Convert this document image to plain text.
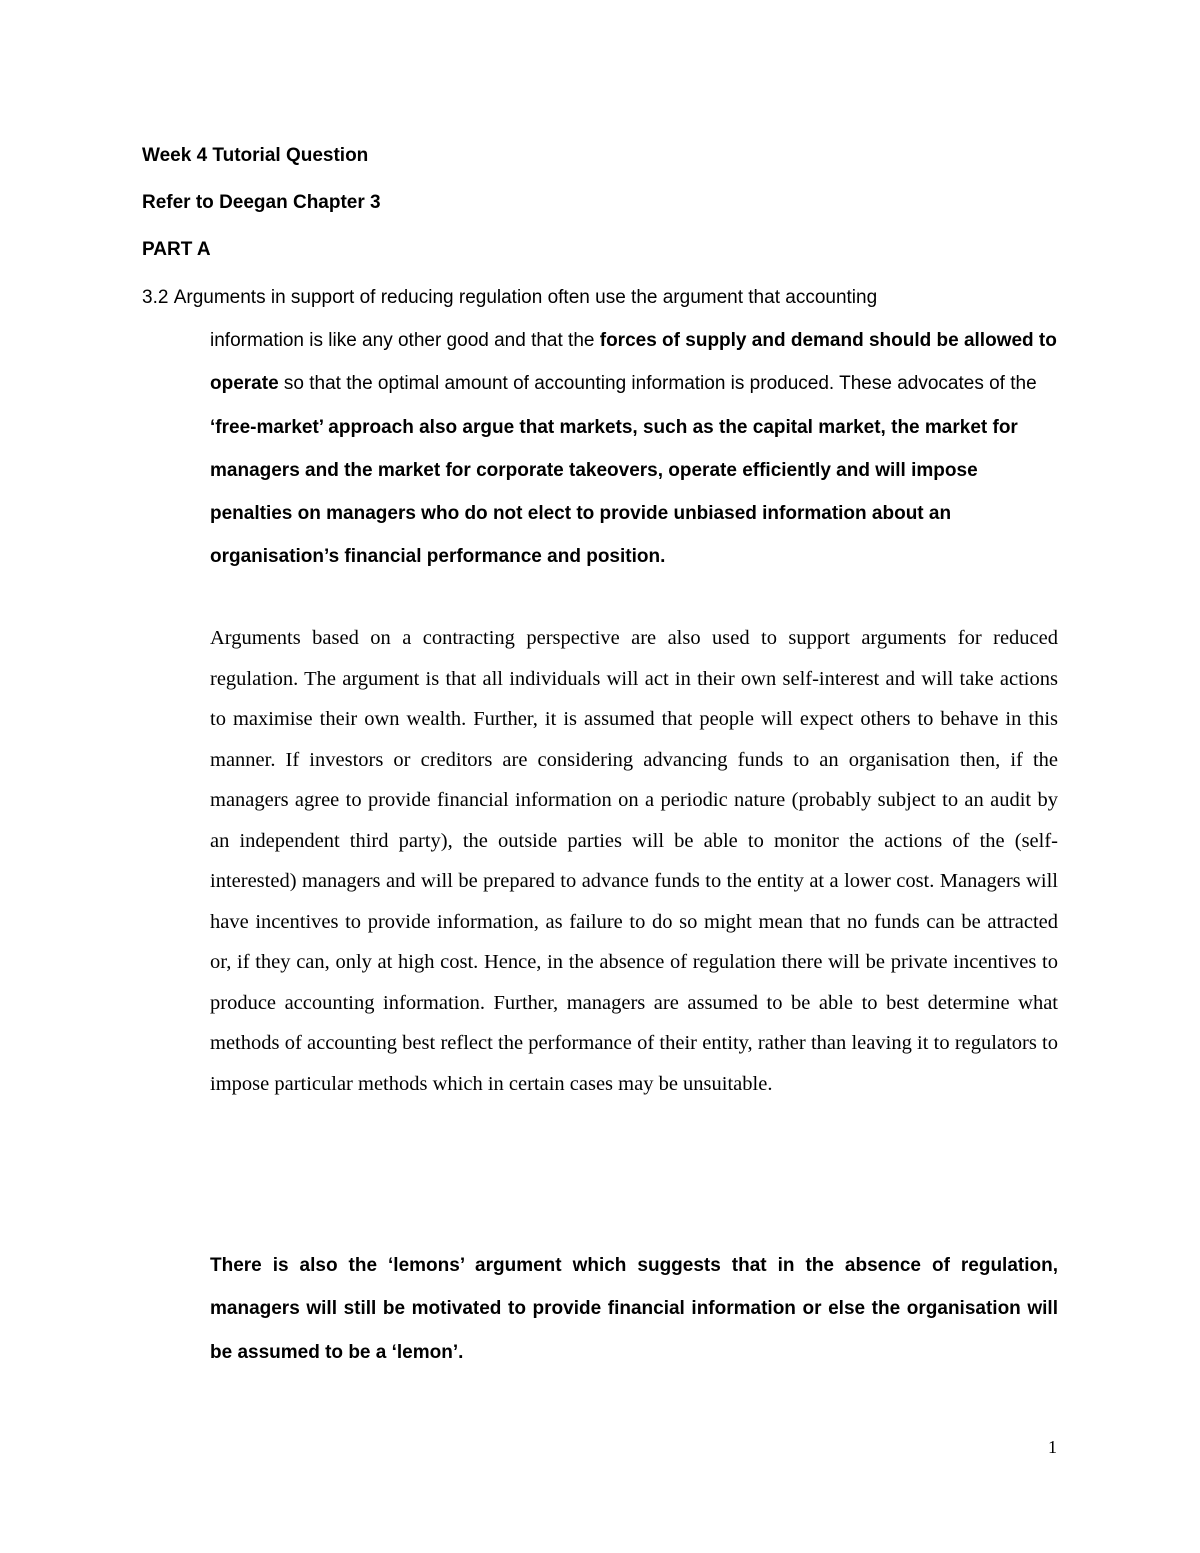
Week 4 Tutorial Question
Refer to Deegan Chapter 3
PART A
3.2 Arguments in support of reducing regulation often use the argument that accounting
information is like any other good and that the forces of supply and demand should be allowed to operate so that the optimal amount of accounting information is produced. These advocates of the ‘free-market’ approach also argue that markets, such as the capital market, the market for managers and the market for corporate takeovers, operate efficiently and will impose penalties on managers who do not elect to provide unbiased information about an organisation’s financial performance and position.
Arguments based on a contracting perspective are also used to support arguments for reduced regulation. The argument is that all individuals will act in their own self-interest and will take actions to maximise their own wealth. Further, it is assumed that people will expect others to behave in this manner. If investors or creditors are considering advancing funds to an organisation then, if the managers agree to provide financial information on a periodic nature (probably subject to an audit by an independent third party), the outside parties will be able to monitor the actions of the (self-interested) managers and will be prepared to advance funds to the entity at a lower cost. Managers will have incentives to provide information, as failure to do so might mean that no funds can be attracted or, if they can, only at high cost. Hence, in the absence of regulation there will be private incentives to produce accounting information. Further, managers are assumed to be able to best determine what methods of accounting best reflect the performance of their entity, rather than leaving it to regulators to impose particular methods which in certain cases may be unsuitable.
There is also the ‘lemons’ argument which suggests that in the absence of regulation, managers will still be motivated to provide financial information or else the organisation will be assumed to be a ‘lemon’.
1
